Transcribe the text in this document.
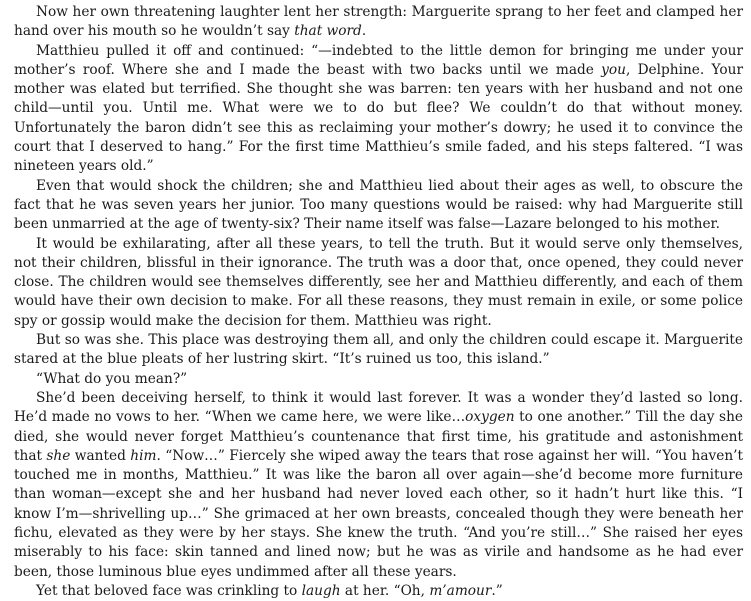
Now her own threatening laughter lent her strength: Marguerite sprang to her feet and clamped her hand over his mouth so he wouldn’t say that word.

Matthieu pulled it off and continued: “—indebted to the little demon for bringing me under your mother’s roof. Where she and I made the beast with two backs until we made you, Delphine. Your mother was elated but terrified. She thought she was barren: ten years with her husband and not one child—until you. Until me. What were we to do but flee? We couldn’t do that without money. Unfortunately the baron didn’t see this as reclaiming your mother’s dowry; he used it to convince the court that I deserved to hang.” For the first time Matthieu’s smile faded, and his steps faltered. “I was nineteen years old.”

Even that would shock the children; she and Matthieu lied about their ages as well, to obscure the fact that he was seven years her junior. Too many questions would be raised: why had Marguerite still been unmarried at the age of twenty-six? Their name itself was false—Lazare belonged to his mother.

It would be exhilarating, after all these years, to tell the truth. But it would serve only themselves, not their children, blissful in their ignorance. The truth was a door that, once opened, they could never close. The children would see themselves differently, see her and Matthieu differently, and each of them would have their own decision to make. For all these reasons, they must remain in exile, or some police spy or gossip would make the decision for them. Matthieu was right.

But so was she. This place was destroying them all, and only the children could escape it. Marguerite stared at the blue pleats of her lustring skirt. “It’s ruined us too, this island.”

“What do you mean?”

She’d been deceiving herself, to think it would last forever. It was a wonder they’d lasted so long. He’d made no vows to her. “When we came here, we were like…oxygen to one another.” Till the day she died, she would never forget Matthieu’s countenance that first time, his gratitude and astonishment that she wanted him. “Now…” Fiercely she wiped away the tears that rose against her will. “You haven’t touched me in months, Matthieu.” It was like the baron all over again—she’d become more furniture than woman—except she and her husband had never loved each other, so it hadn’t hurt like this. “I know I’m—shrivelling up…” She grimaced at her own breasts, concealed though they were beneath her fichu, elevated as they were by her stays. She knew the truth. “And you’re still…” She raised her eyes miserably to his face: skin tanned and lined now; but he was as virile and handsome as he had ever been, those luminous blue eyes undimmed after all these years.

Yet that beloved face was crinkling to laugh at her. “Oh, m’amour.”
